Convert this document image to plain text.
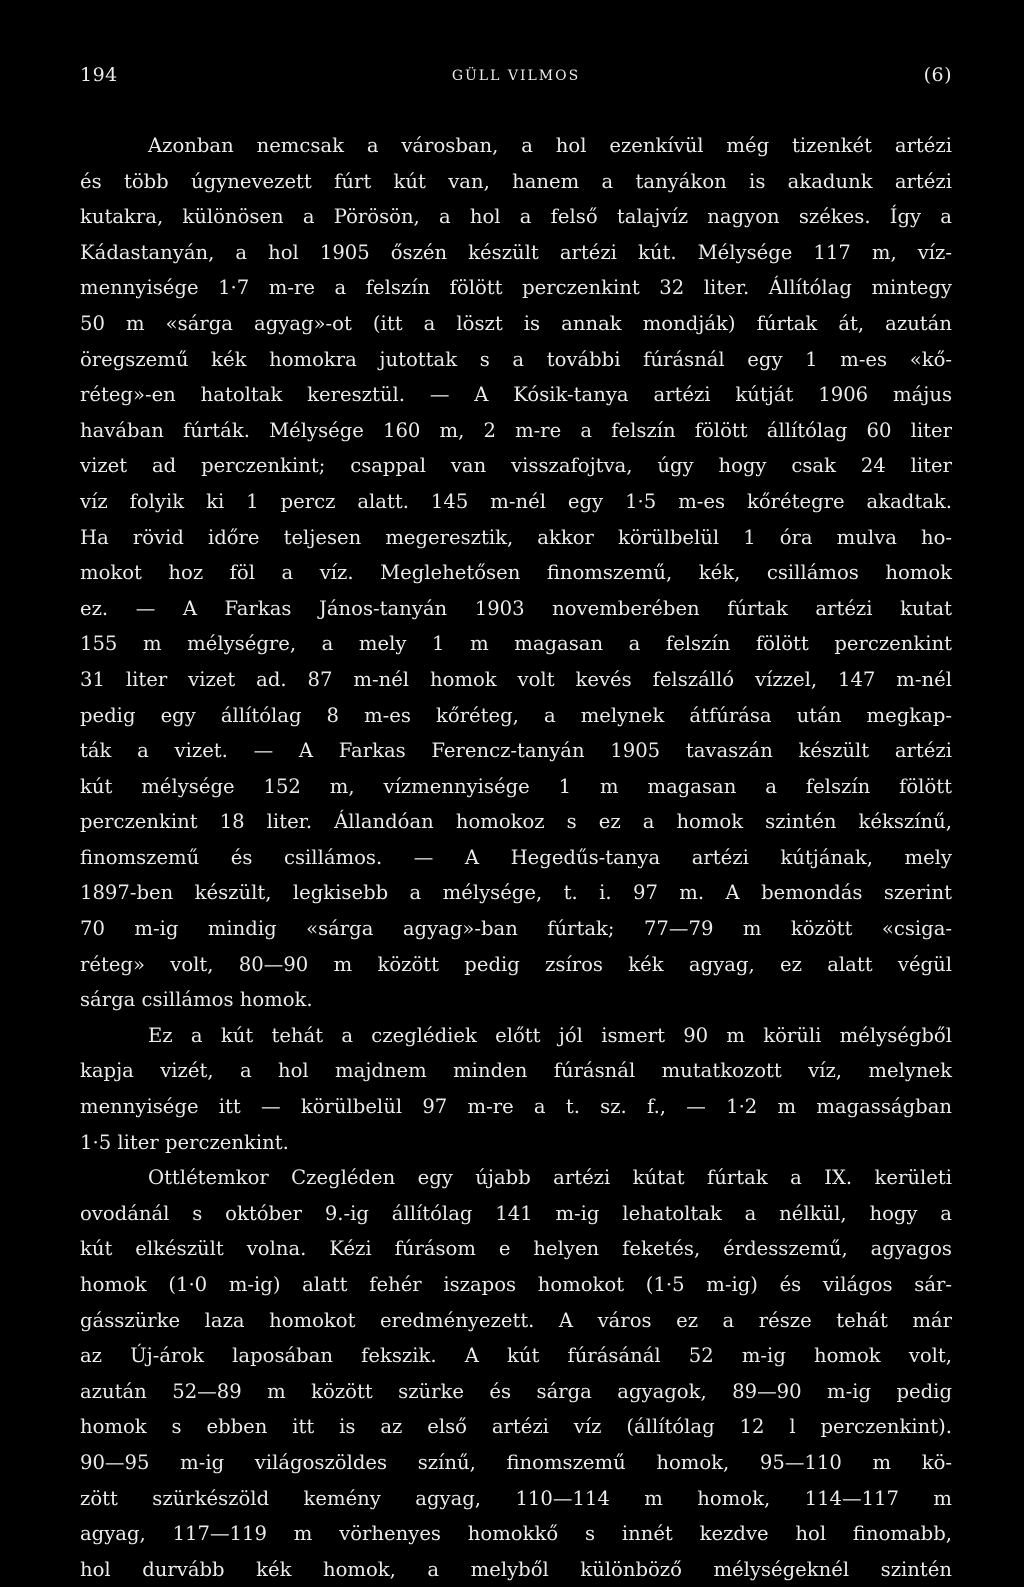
194	GÜLL VILMOS	(6)
Azonban nemcsak a városban, a hol ezenkívül még tizenkét artézi
és több úgynevezett fúrt kút van, hanem a tanyákon is akadunk artézi
kutakra, különösen a Pörösön, a hol a felső talajvíz nagyon székes. Így a
Kádastanyán, a hol 1905 őszén készült artézi kút. Mélysége 117 m, víz-
mennyisége 1·7 m-re a felszín fölött perczenkint 32 liter. Állítólag mintegy
50 m «sárga agyag»-ot (itt a löszt is annak mondják) fúrtak át, azután
öregszemű kék homokra jutottak s a további fúrásnál egy 1 m-es «kő-
réteg»-en hatoltak keresztül. — A Kósik-tanya artézi kútját 1906 május
havában fúrták. Mélysége 160 m, 2 m-re a felszín fölött állítólag 60 liter
vizet ad perczenkint; csappal van visszafojtva, úgy hogy csak 24 liter
víz folyik ki 1 percz alatt. 145 m-nél egy 1·5 m-es kőrétegre akadtak.
Ha rövid időre teljesen megeresztik, akkor körülbelül 1 óra mulva ho-
mokot hoz föl a víz. Meglehetősen finomszemű, kék, csillámos homok
ez. — A Farkas János-tanyán 1903 novemberében fúrtak artézi kutat
155 m mélységre, a mely 1 m magasan a felszín fölött perczenkint
31 liter vizet ad. 87 m-nél homok volt kevés felszálló vízzel, 147 m-nél
pedig egy állítólag 8 m-es kőréteg, a melynek átfúrása után megkap-
ták a vizet. — A Farkas Ferencz-tanyán 1905 tavaszán készült artézi
kút mélysége 152 m, vízmennyisége 1 m magasan a felszín fölött
perczenkint 18 liter. Állandóan homokoz s ez a homok szintén kékszínű,
finomszemű és csillámos. — A Hegedűs-tanya artézi kútjának, mely
1897-ben készült, legkisebb a mélysége, t. i. 97 m. A bemondás szerint
70 m-ig mindig «sárga agyag»-ban fúrtak; 77—79 m között «csiga-
réteg» volt, 80—90 m között pedig zsíros kék agyag, ez alatt végül
sárga csillámos homok.
Ez a kút tehát a czeglédiek előtt jól ismert 90 m körüli mélységből
kapja vizét, a hol majdnem minden fúrásnál mutatkozott víz, melynek
mennyisége itt — körülbelül 97 m-re a t. sz. f., — 1·2 m magasságban
1·5 liter perczenkint.
Ottlétemkor Czegléden egy újabb artézi kútat fúrtak a IX. kerületi
ovodánál s október 9.-ig állítólag 141 m-ig lehatoltak a nélkül, hogy a
kút elkészült volna. Kézi fúrásom e helyen feketés, érdesszemű, agyagos
homok (1·0 m-ig) alatt fehér iszapos homokot (1·5 m-ig) és világos sár-
gásszürke laza homokot eredményezett. A város ez a része tehát már
az Új-árok laposában fekszik. A kút fúrásánál 52 m-ig homok volt,
azután 52—89 m között szürke és sárga agyagok, 89—90 m-ig pedig
homok s ebben itt is az első artézi víz (állítólag 12 l perczenkint).
90—95 m-ig világoszöldes színű, finomszemű homok, 95—110 m kö-
zött szürkészöld kemény agyag, 110—114 m homok, 114—117 m
agyag, 117—119 m vörhenyes homokkő s innét kezdve hol finomabb,
hol durvább kék homok, a melyből különböző mélységeknél szintén
